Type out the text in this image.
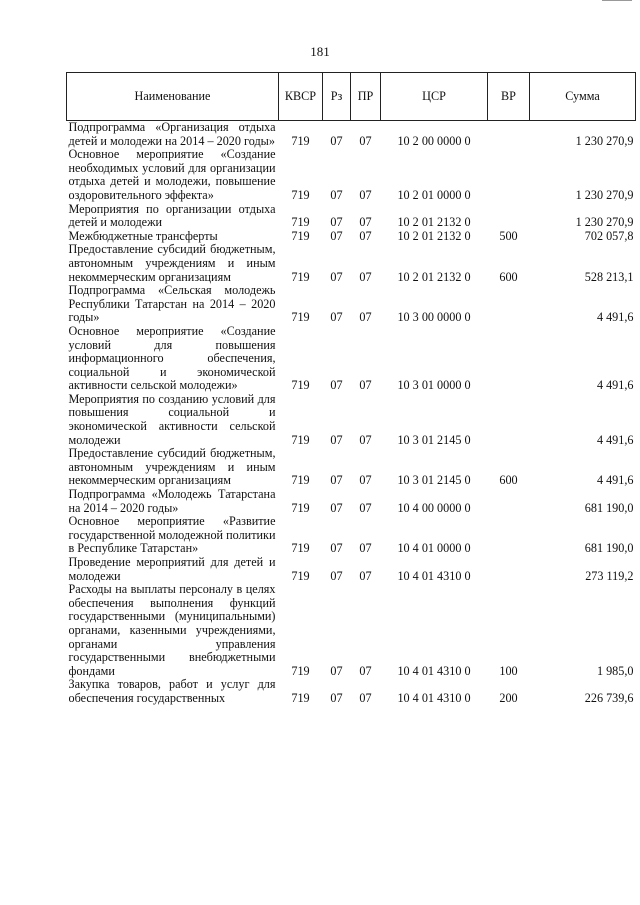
181
Наименование	КВСР	Рз	ПР	ЦСР	ВР	Сумма
Подпрограмма «Организация отдыха детей и молодежи на 2014 – 2020 годы»	719	07	07	10 2 00 0000 0		1 230 270,9
Основное мероприятие «Создание необходимых условий для организации отдыха детей и молодежи, повышение оздоровительного эффекта»	719	07	07	10 2 01 0000 0		1 230 270,9
Мероприятия по организации отдыха детей и молодежи	719	07	07	10 2 01 2132 0		1 230 270,9
Межбюджетные трансферты	719	07	07	10 2 01 2132 0	500	702 057,8
Предоставление субсидий бюджетным, автономным учреждениям и иным некоммерческим организациям	719	07	07	10 2 01 2132 0	600	528 213,1
Подпрограмма «Сельская молодежь Республики Татарстан на 2014 – 2020 годы»	719	07	07	10 3 00 0000 0		4 491,6
Основное мероприятие «Создание условий для повышения информационного обеспечения, социальной и экономической активности сельской молодежи»	719	07	07	10 3 01 0000 0		4 491,6
Мероприятия по созданию условий для повышения социальной и экономической активности сельской молодежи	719	07	07	10 3 01 2145 0		4 491,6
Предоставление субсидий бюджетным, автономным учреждениям и иным некоммерческим организациям	719	07	07	10 3 01 2145 0	600	4 491,6
Подпрограмма «Молодежь Татарстана на 2014 – 2020 годы»	719	07	07	10 4 00 0000 0		681 190,0
Основное мероприятие «Развитие государственной молодежной политики в Республике Татарстан»	719	07	07	10 4 01 0000 0		681 190,0
Проведение мероприятий для детей и молодежи	719	07	07	10 4 01 4310 0		273 119,2
Расходы на выплаты персоналу в целях обеспечения выполнения функций государственными (муниципальными) органами, казенными учреждениями, органами управления государственными внебюджетными фондами	719	07	07	10 4 01 4310 0	100	1 985,0
Закупка товаров, работ и услуг для обеспечения государственных	719	07	07	10 4 01 4310 0	200	226 739,6
